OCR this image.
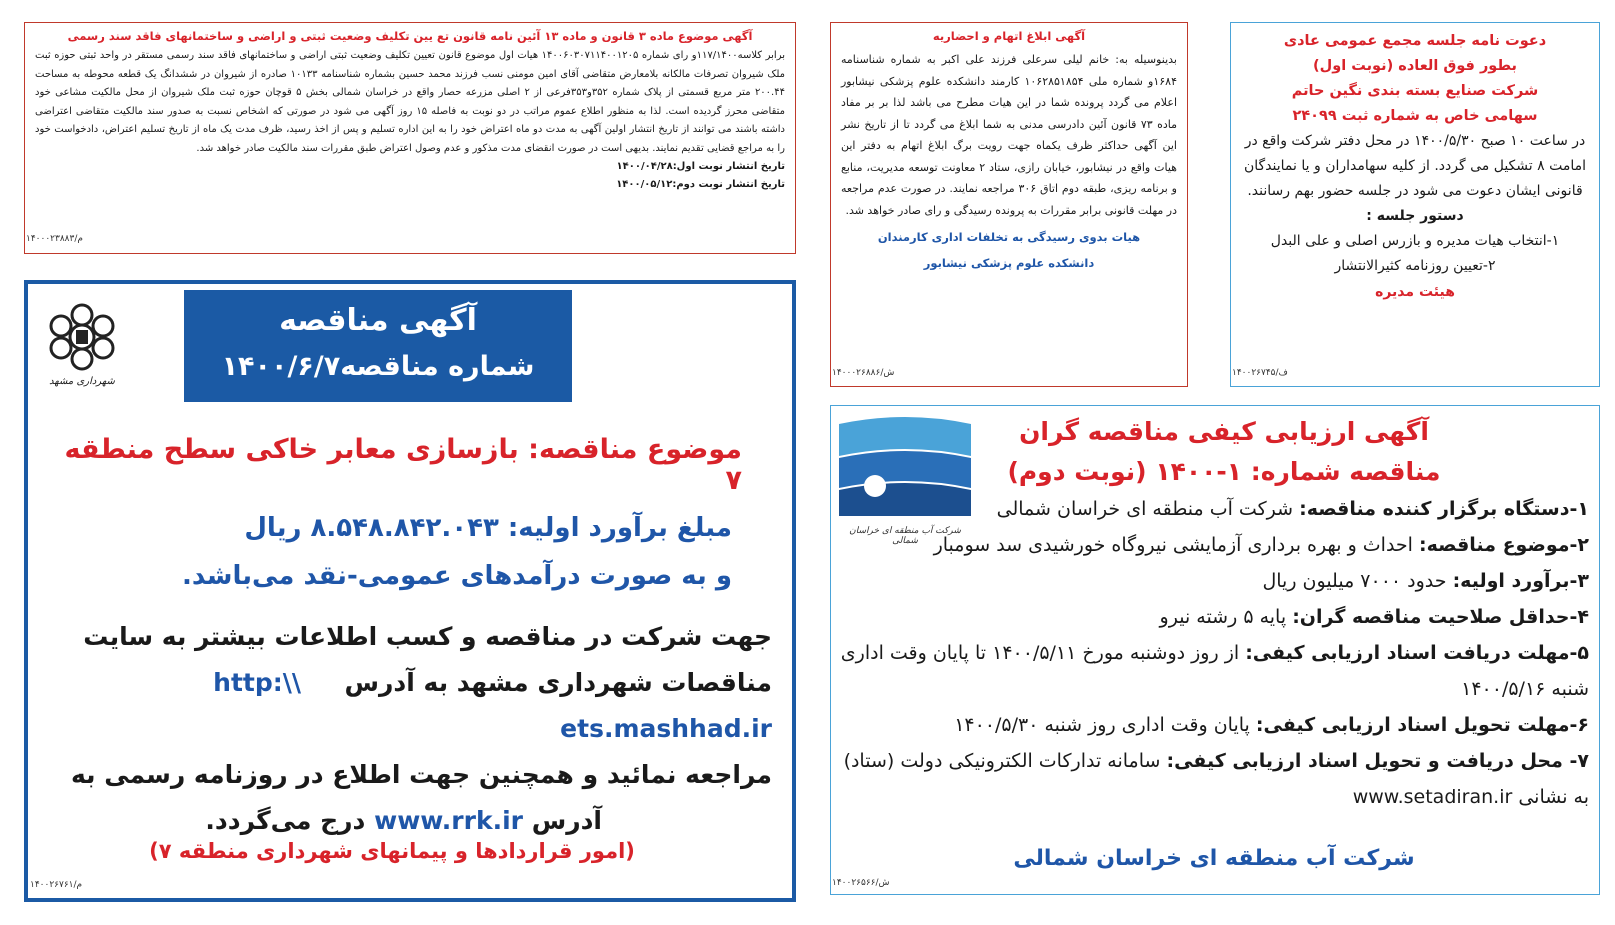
آگهی موضوع ماده ۳ قانون و ماده ۱۳ آئین نامه قانون تع یین تکلیف وضعیت ثبتی و اراضی و ساختمانهای فاقد سند رسمی
برابر کلاسه۱۱۷/۱۴۰۰و رای شماره ۱۴۰۰۶۰۳۰۷۱۱۴۰۰۱۲۰۵ هیات اول موضوع قانون تعیین تکلیف وضعیت ثبتی اراضی و ساختمانهای فاقد سند رسمی مستقر در واحد ثبتی حوزه ثبت ملک شیروان تصرفات مالکانه بلامعارض متقاضی آقای امین مومنی نسب فرزند محمد حسین بشماره شناسنامه ۱۰۱۳۳ صادره از شیروان در ششدانگ یک قطعه محوطه به مساحت ۲۰۰.۴۴ متر مربع قسمتی از پلاک شماره ۳۵۲و۳۵۳فرعی از ۲ اصلی مزرعه حصار واقع در خراسان شمالی بخش ۵ قوچان حوزه ثبت ملک شیروان از محل مالکیت مشاعی خود متقاضی محرز گردیده است. لذا به منظور اطلاع عموم مراتب در دو نوبت به فاصله ۱۵ روز آگهی می شود در صورتی که اشخاص نسبت به صدور سند مالکیت متقاضی اعتراضی داشته باشند می توانند از تاریخ انتشار اولین آگهی به مدت دو ماه اعتراض خود را به این اداره تسلیم و پس از اخذ رسید، ظرف مدت یک ماه از تاریخ تسلیم اعتراض، دادخواست خود را به مراجع قضایی تقدیم نمایند. بدیهی است در صورت انقضای مدت مذکور و عدم وصول اعتراض طبق مقررات سند مالکیت صادر خواهد شد.
تاریخ انتشار نوبت اول:۱۴۰۰/۰۴/۲۸
تاریخ انتشار نوبت دوم:۱۴۰۰/۰۵/۱۲
۱۴۰۰۰۲۳۸۸۳/م
آگهی ابلاغ اتهام و احضاریه
بدینوسیله به: خانم لیلی سرعلی فرزند علی اکبر به شماره شناسنامه ۱۶۸۴و شماره ملی ۱۰۶۲۸۵۱۸۵۴ کارمند دانشکده علوم پزشکی نیشابور اعلام می گردد پرونده شما در این هیات مطرح می باشد لذا بر بر مفاد ماده ۷۳ قانون آئین دادرسی مدنی به شما ابلاغ می گردد تا از تاریخ نشر این آگهی حداکثر ظرف یکماه جهت رویت برگ ابلاغ اتهام به دفتر این هیات واقع در نیشابور، خیابان رازی، ستاد ۲ معاونت توسعه مدیریت، منابع و برنامه ریزی، طبقه دوم اتاق ۳۰۶ مراجعه نمایند. در صورت عدم مراجعه در مهلت قانونی برابر مقررات به پرونده رسیدگی و رای صادر خواهد شد.
هیات بدوی رسیدگی به تخلفات اداری کارمندان
دانشکده علوم پزشکی نیشابور
۱۴۰۰۰۲۶۸۸۶/ش
دعوت نامه جلسه مجمع عمومی عادی
بطور فوق العاده (نوبت اول)
شرکت صنایع بسته بندی نگین حاتم
سهامی خاص به شماره ثبت ۲۴۰۹۹
در ساعت ۱۰ صبح ۱۴۰۰/۵/۳۰ در محل دفتر شرکت واقع در امامت ۸ تشکیل می گردد. از کلیه سهامداران و یا نمایندگان قانونی ایشان دعوت می شود در جلسه حضور بهم رسانند.
دستور جلسه :
۱-انتخاب هیات مدیره و بازرس اصلی و علی البدل
۲-تعیین روزنامه کثیرالانتشار
هیئت مدیره
۱۴۰۰۲۶۷۴۵/ف
آگهی مناقصه
شماره مناقصه۱۴۰۰/۶/۷
شهرداری مشهد
موضوع مناقصه: بازسازی معابر خاکی سطح منطقه ۷
مبلغ برآورد اولیه: ۸.۵۴۸.۸۴۲.۰۴۳ ریال
و به صورت درآمدهای عمومی-نقد می‌باشد.
جهت شرکت در مناقصه و کسب اطلاعات بیشتر به سایت
مناقصات شهرداری مشهد به آدرس     http:\\ ets.mashhad.ir
مراجعه نمائید و همچنین جهت اطلاع در روزنامه رسمی به
آدرس www.rrk.ir درج می‌گردد.
(امور قراردادها و پیمانهای شهرداری منطقه ۷)
۱۴۰۰۲۶۷۶۱/م
شرکت آب منطقه ای خراسان شمالی
آگهی ارزیابی کیفی مناقصه گران
مناقصه شماره: ۱-۱۴۰۰ (نوبت دوم)
۱-دستگاه برگزار کننده مناقصه: شرکت آب منطقه ای خراسان شمالی
۲-موضوع مناقصه: احداث و بهره برداری آزمایشی نیروگاه خورشیدی سد سومبار
۳-برآورد اولیه: حدود ۷۰۰۰ میلیون ریال
۴-حداقل صلاحیت مناقصه گران: پایه ۵ رشته نیرو
۵-مهلت دریافت اسناد ارزیابی کیفی: از روز دوشنبه مورخ ۱۴۰۰/۵/۱۱ تا پایان وقت اداری شنبه ۱۴۰۰/۵/۱۶
۶-مهلت تحویل اسناد ارزیابی کیفی: پایان وقت اداری روز شنبه ۱۴۰۰/۵/۳۰
۷- محل دریافت و تحویل اسناد ارزیابی کیفی: سامانه تدارکات الکترونیکی دولت (ستاد) به نشانی www.setadiran.ir
شرکت آب منطقه ای خراسان شمالی
۱۴۰۰۲۶۵۶۶/ش
